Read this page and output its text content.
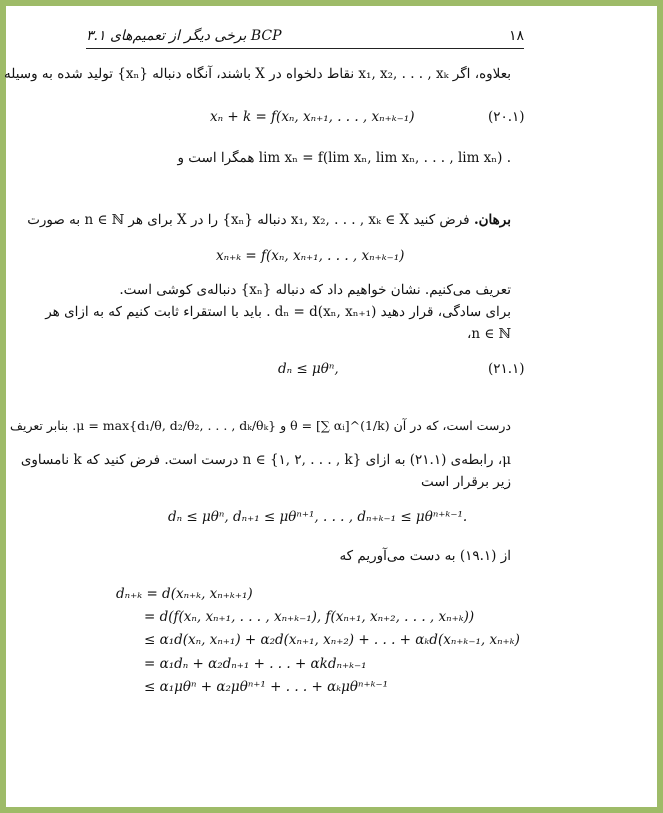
۱۸
۳.۱ برخی دیگر از تعمیم‌های BCP
بعلاوه، اگر x₁, x₂, . . . , xₖ نقاط دلخواه در X باشند، آنگاه دنباله {xₙ} تولید شده به وسیله
xₙ + k = f(xₙ, xₙ₊₁, . . . , xₙ₊ₖ₋₁)	(۲۰.۱)
. lim xₙ = f(lim xₙ, lim xₙ, . . . , lim xₙ) همگرا است و
برهان. فرض کنید x₁, x₂, . . . , xₖ ∈ X دنباله {xₙ} را در X برای هر n ∈ ℕ به صورت
xₙ₊ₖ = f(xₙ, xₙ₊₁, . . . , xₙ₊ₖ₋₁)
تعریف می‌کنیم. نشان خواهیم داد که دنباله {xₙ} دنباله‌ی کوشی است.
برای سادگی، قرار دهید dₙ = d(xₙ, xₙ₊₁) . باید با استقراء ثابت کنیم که به ازای هر
n ∈ ℕ،
dₙ ≤ μθⁿ,	(۲۱.۱)
درست است، که در آن θ = [∑ αᵢ]^(1/k) و μ = max{d₁/θ, d₂/θ₂, . . . , dₖ/θₖ}. بنابر تعریف
μ، رابطه‌ی (۲۱.۱) به ازای n ∈ {۱, ۲, . . . , k} درست است. فرض کنید که k نامساوی
زیر برقرار است
dₙ ≤ μθⁿ, dₙ₊₁ ≤ μθⁿ⁺¹, . . . , dₙ₊ₖ₋₁ ≤ μθⁿ⁺ᵏ⁻¹.
از (۱۹.۱) به دست می‌آوریم که
dₙ₊ₖ = d(xₙ₊ₖ, xₙ₊ₖ₊₁)
= d(f(xₙ, xₙ₊₁, . . . , xₙ₊ₖ₋₁), f(xₙ₊₁, xₙ₊₂, . . . , xₙ₊ₖ))
≤ α₁d(xₙ, xₙ₊₁) + α₂d(xₙ₊₁, xₙ₊₂) + . . . + αₖd(xₙ₊ₖ₋₁, xₙ₊ₖ)
= α₁dₙ + α₂dₙ₊₁ + . . . + αkdₙ₊ₖ₋₁
≤ α₁μθⁿ + α₂μθⁿ⁺¹ + . . . + αₖμθⁿ⁺ᵏ⁻¹
